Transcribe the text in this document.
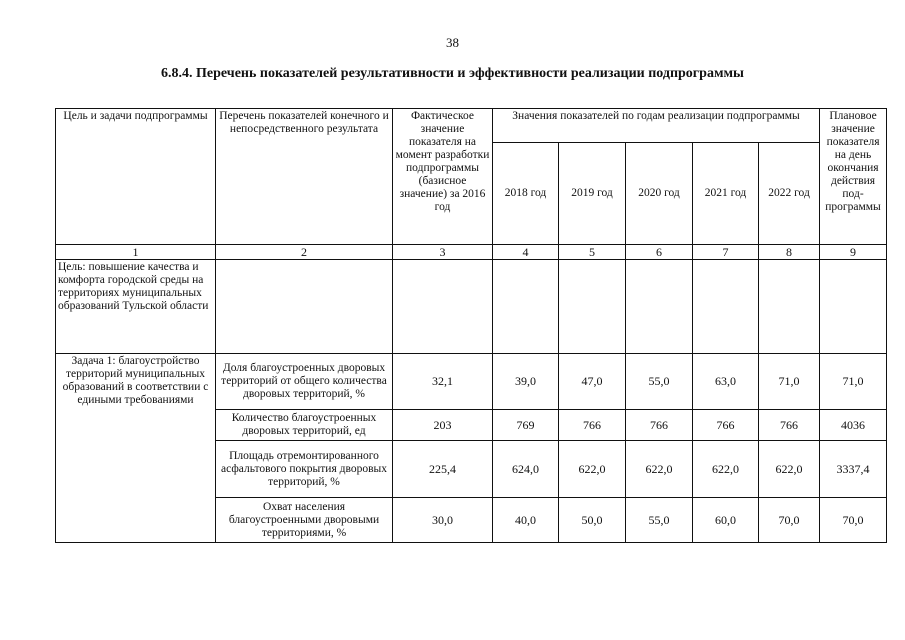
38
6.8.4. Перечень показателей результативности и эффективности реализации подпрограммы
Цель и задачи подпрограммы	Перечень показателей конечного и непосредственного результата	Фактическое значение показателя на момент разработки подпрограммы (базисное значение) за 2016 год	Значения показателей по годам реализации подпрограммы					Плановое значение показателя на день окончания действия под-программы
			2018 год	2019 год	2020 год	2021 год	2022 год	
1	2	3	4	5	6	7	8	9
Цель: повышение качества и комфорта городской среды на территориях муниципальных образований Тульской области								
Задача 1: благоустройство территорий муниципальных образований в соответствии с едиными требованиями	Доля благоустроенных дворовых территорий от общего количества дворовых территорий, %	32,1	39,0	47,0	55,0	63,0	71,0	71,0
	Количество благоустроенных дворовых территорий, ед	203	769	766	766	766	766	4036
	Площадь отремонтированного асфальтового покрытия дворовых территорий, %	225,4	624,0	622,0	622,0	622,0	622,0	3337,4
	Охват населения благоустроенными дворовыми территориями, %	30,0	40,0	50,0	55,0	60,0	70,0	70,0
